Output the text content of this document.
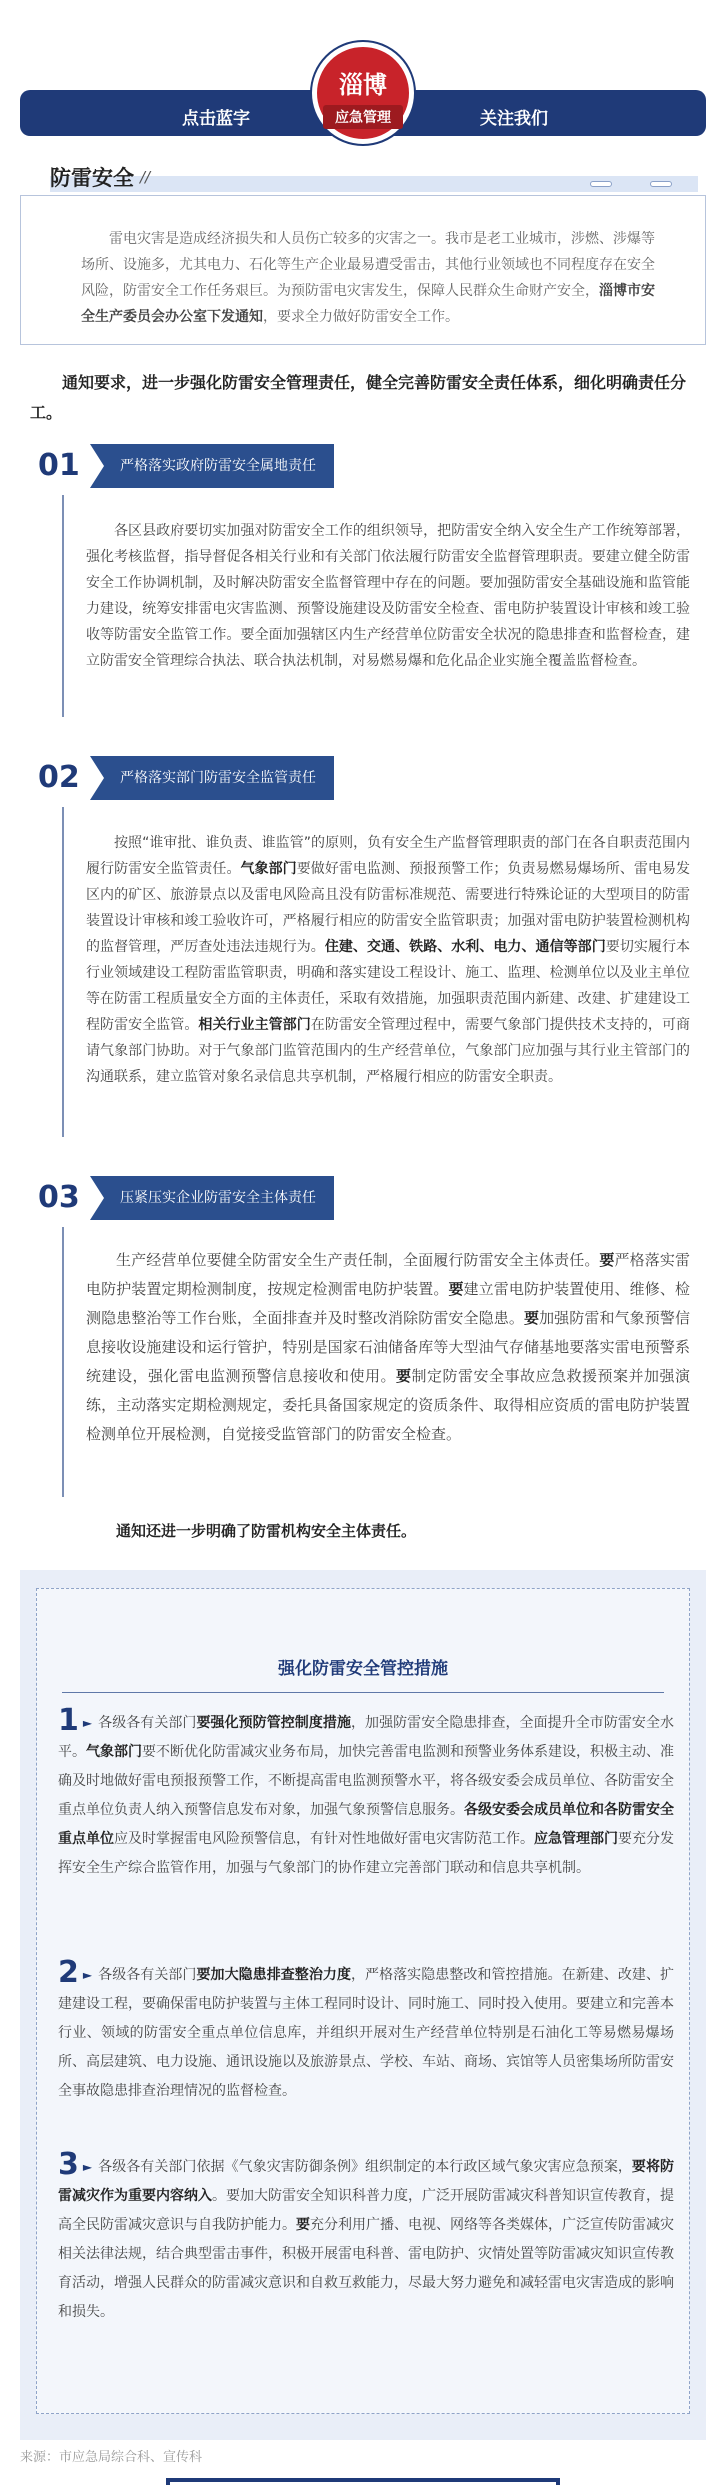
点击蓝字	关注我们
淄博
应急管理
防雷安全 //
雷电灾害是造成经济损失和人员伤亡较多的灾害之一。我市是老工业城市，涉燃、涉爆等场所、设施多，尤其电力、石化等生产企业最易遭受雷击，其他行业领域也不同程度存在安全风险，防雷安全工作任务艰巨。为预防雷电灾害发生，保障人民群众生命财产安全，淄博市安全生产委员会办公室下发通知，要求全力做好防雷安全工作。
通知要求，进一步强化防雷安全管理责任，健全完善防雷安全责任体系，细化明确责任分工。
01	严格落实政府防雷安全属地责任
各区县政府要切实加强对防雷安全工作的组织领导，把防雷安全纳入安全生产工作统筹部署，强化考核监督，指导督促各相关行业和有关部门依法履行防雷安全监督管理职责。要建立健全防雷安全工作协调机制，及时解决防雷安全监督管理中存在的问题。要加强防雷安全基础设施和监管能力建设，统筹安排雷电灾害监测、预警设施建设及防雷安全检查、雷电防护装置设计审核和竣工验收等防雷安全监管工作。要全面加强辖区内生产经营单位防雷安全状况的隐患排查和监督检查，建立防雷安全管理综合执法、联合执法机制，对易燃易爆和危化品企业实施全覆盖监督检查。
02	严格落实部门防雷安全监管责任
按照“谁审批、谁负责、谁监管”的原则，负有安全生产监督管理职责的部门在各自职责范围内履行防雷安全监管责任。气象部门要做好雷电监测、预报预警工作；负责易燃易爆场所、雷电易发区内的矿区、旅游景点以及雷电风险高且没有防雷标准规范、需要进行特殊论证的大型项目的防雷装置设计审核和竣工验收许可，严格履行相应的防雷安全监管职责；加强对雷电防护装置检测机构的监督管理，严厉查处违法违规行为。住建、交通、铁路、水利、电力、通信等部门要切实履行本行业领域建设工程防雷监管职责，明确和落实建设工程设计、施工、监理、检测单位以及业主单位等在防雷工程质量安全方面的主体责任，采取有效措施，加强职责范围内新建、改建、扩建建设工程防雷安全监管。相关行业主管部门在防雷安全管理过程中，需要气象部门提供技术支持的，可商请气象部门协助。对于气象部门监管范围内的生产经营单位，气象部门应加强与其行业主管部门的沟通联系，建立监管对象名录信息共享机制，严格履行相应的防雷安全职责。
03	压紧压实企业防雷安全主体责任
生产经营单位要健全防雷安全生产责任制，全面履行防雷安全主体责任。要严格落实雷电防护装置定期检测制度，按规定检测雷电防护装置。要建立雷电防护装置使用、维修、检测隐患整治等工作台账，全面排查并及时整改消除防雷安全隐患。要加强防雷和气象预警信息接收设施建设和运行管护，特别是国家石油储备库等大型油气存储基地要落实雷电预警系统建设，强化雷电监测预警信息接收和使用。要制定防雷安全事故应急救援预案并加强演练，主动落实定期检测规定，委托具备国家规定的资质条件、取得相应资质的雷电防护装置检测单位开展检测，自觉接受监管部门的防雷安全检查。
通知还进一步明确了防雷机构安全主体责任。
强化防雷安全管控措施
1 ► 各级各有关部门要强化预防管控制度措施，加强防雷安全隐患排查，全面提升全市防雷安全水平。气象部门要不断优化防雷减灾业务布局，加快完善雷电监测和预警业务体系建设，积极主动、准确及时地做好雷电预报预警工作，不断提高雷电监测预警水平，将各级安委会成员单位、各防雷安全重点单位负责人纳入预警信息发布对象，加强气象预警信息服务。各级安委会成员单位和各防雷安全重点单位应及时掌握雷电风险预警信息，有针对性地做好雷电灾害防范工作。应急管理部门要充分发挥安全生产综合监管作用，加强与气象部门的协作建立完善部门联动和信息共享机制。
2 ► 各级各有关部门要加大隐患排查整治力度，严格落实隐患整改和管控措施。在新建、改建、扩建建设工程，要确保雷电防护装置与主体工程同时设计、同时施工、同时投入使用。要建立和完善本行业、领域的防雷安全重点单位信息库，并组织开展对生产经营单位特别是石油化工等易燃易爆场所、高层建筑、电力设施、通讯设施以及旅游景点、学校、车站、商场、宾馆等人员密集场所防雷安全事故隐患排查治理情况的监督检查。
3 ► 各级各有关部门依据《气象灾害防御条例》组织制定的本行政区域气象灾害应急预案，要将防雷减灾作为重要内容纳入。要加大防雷安全知识科普力度，广泛开展防雷减灾科普知识宣传教育，提高全民防雷减灾意识与自我防护能力。要充分利用广播、电视、网络等各类媒体，广泛宣传防雷减灾相关法律法规，结合典型雷击事件，积极开展雷电科普、雷电防护、灾情处置等防雷减灾知识宣传教育活动，增强人民群众的防雷减灾意识和自救互救能力，尽最大努力避免和减轻雷电灾害造成的影响和损失。
来源：市应急局综合科、宣传科
